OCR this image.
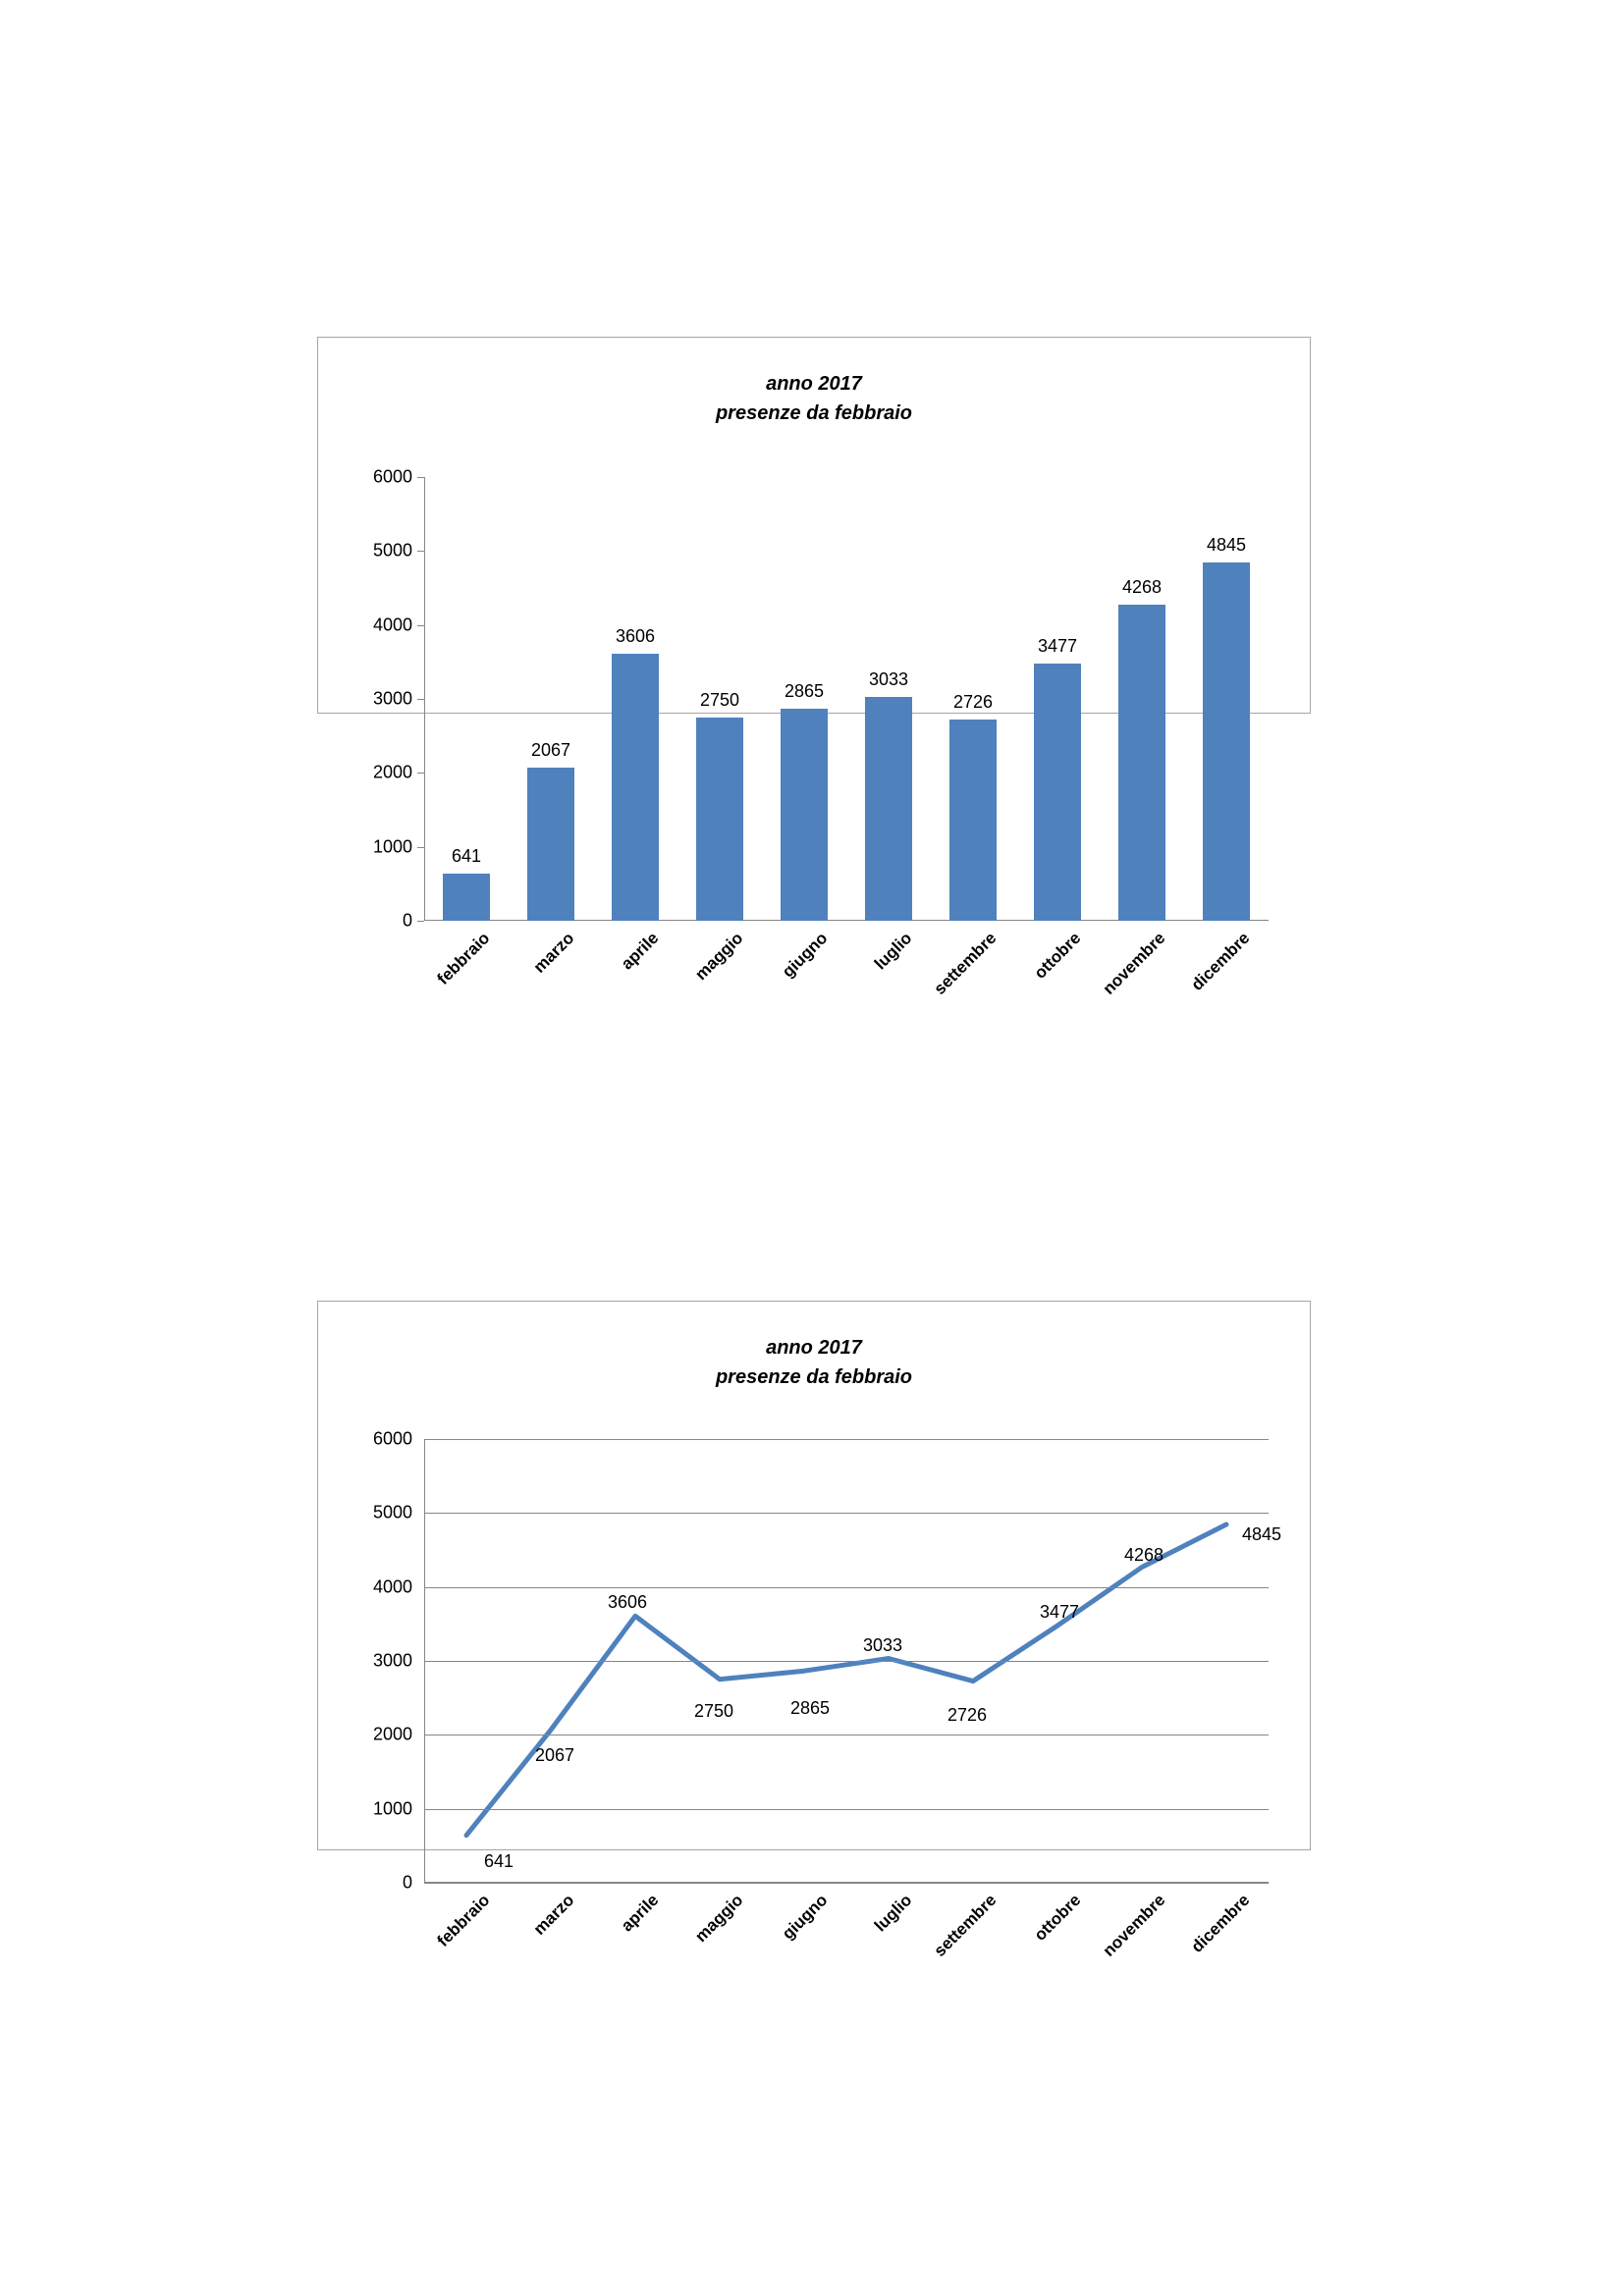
anno 2017
presenze da febbraio
0
1000
2000
3000
4000
5000
6000
641
2067
3606
2750	2865
3033
2726
3477
4268
4845
febbraio marzo aprile maggio giugno luglio settembre ottobre novembre dicembre
anno 2017
presenze da febbraio
0
1000
2000
3000
4000
5000
6000
641
2067
3606
2750	2865
3033
2726
3477
4268
4845
febbraio marzo aprile maggio giugno luglio settembre ottobre novembre dicembre
